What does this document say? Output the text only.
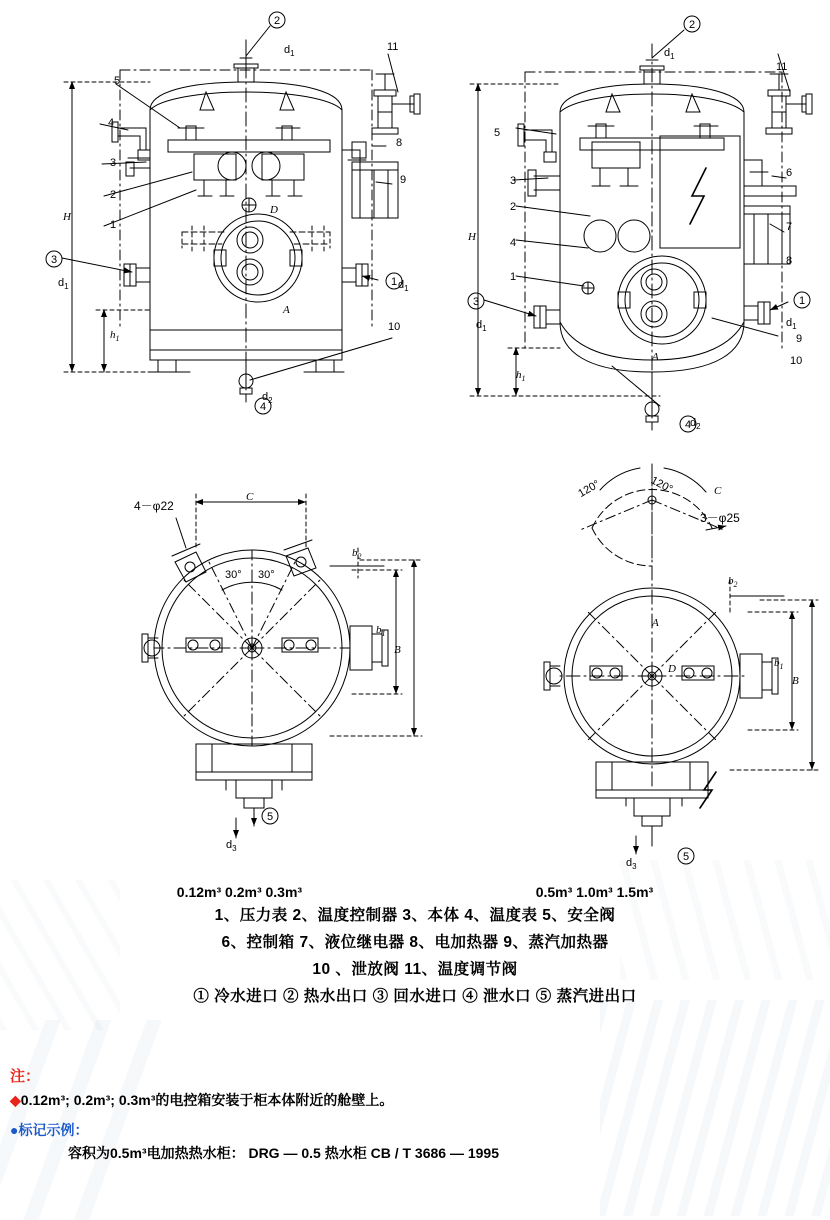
2
3
1
4
2
3	1
4
5
5
$d_1$
11
5
4
3
2
1
H
$h_1$
D
A
$d_1$	$d_1$
8
9
10
$d_2$
$d_1$
11
5
3
2
4
1
H
$h_1$
A
$d_1$	$d_1$
6
7
8
9
10
$d_2$
4－φ22
C
30° 30°
$b_2$
B
$b_1$
$d_3$
120°	120°
3－φ25
C
$b_2$
A
D
B
$b_1$
$d_3$
0.12m³ 0.2m³ 0.3m³	0.5m³ 1.0m³ 1.5m³
1、压力表 2、温度控制器 3、本体 4、温度表 5、安全阀
6、控制箱 7、液位继电器 8、电加热器 9、蒸汽加热器
10 、泄放阀 11、温度调节阀
① 冷水进口 ② 热水出口 ③ 回水进口 ④ 泄水口 ⑤ 蒸汽进出口
注：
◆0.12m³; 0.2m³; 0.3m³的电控箱安装于柜本体附近的舱壁上。
●标记示例：
容积为0.5m³电加热热水柜： DRG — 0.5 热水柜 CB / T 3686 — 1995
